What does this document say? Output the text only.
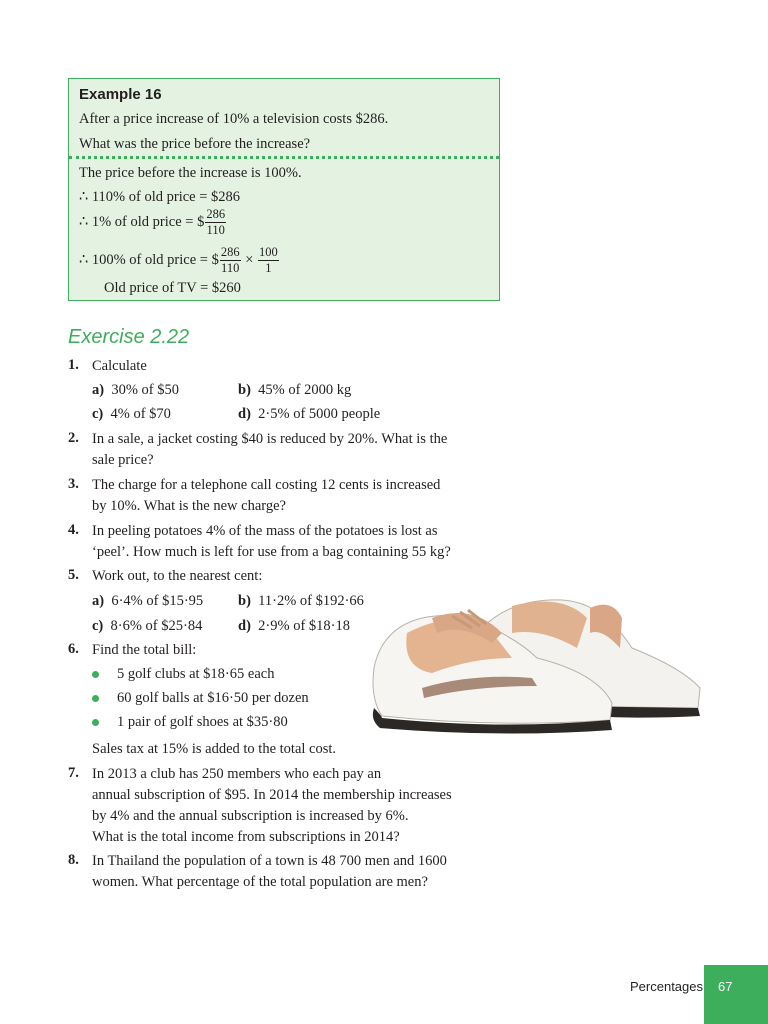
Example 16
After a price increase of 10% a television costs $286.
What was the price before the increase?
The price before the increase is 100%.
∴ 110% of old price = $286
∴ 1% of old price = $ $\frac{286}{110}$
∴ 100% of old price = $ $\frac{286}{110} \times \frac{100}{1}$
Old price of TV = $260
Exercise 2.22
1. Calculate
a) 30% of $50	b) 45% of 2000 kg
c) 4% of $70	d) 2·5% of 5000 people
2. In a sale, a jacket costing $40 is reduced by 20%. What is the
sale price?
3. The charge for a telephone call costing 12 cents is increased
by 10%. What is the new charge?
4. In peeling potatoes 4% of the mass of the potatoes is lost as
‘peel’. How much is left for use from a bag containing 55 kg?
5. Work out, to the nearest cent:
a) 6·4% of $15·95 b) 11·2% of $192·66
c) 8·6% of $25·84 d) 2·9% of $18·18
6. Find the total bill:
5 golf clubs at $18·65 each
60 golf balls at $16·50 per dozen
1 pair of golf shoes at $35·80
Sales tax at 15% is added to the total cost.
7. In 2013 a club has 250 members who each pay an
annual subscription of $95. In 2014 the membership increases
by 4% and the annual subscription is increased by 6%.
What is the total income from subscriptions in 2014?
8. In Thailand the population of a town is 48 700 men and 1600
women. What percentage of the total population are men?
Percentages 67
